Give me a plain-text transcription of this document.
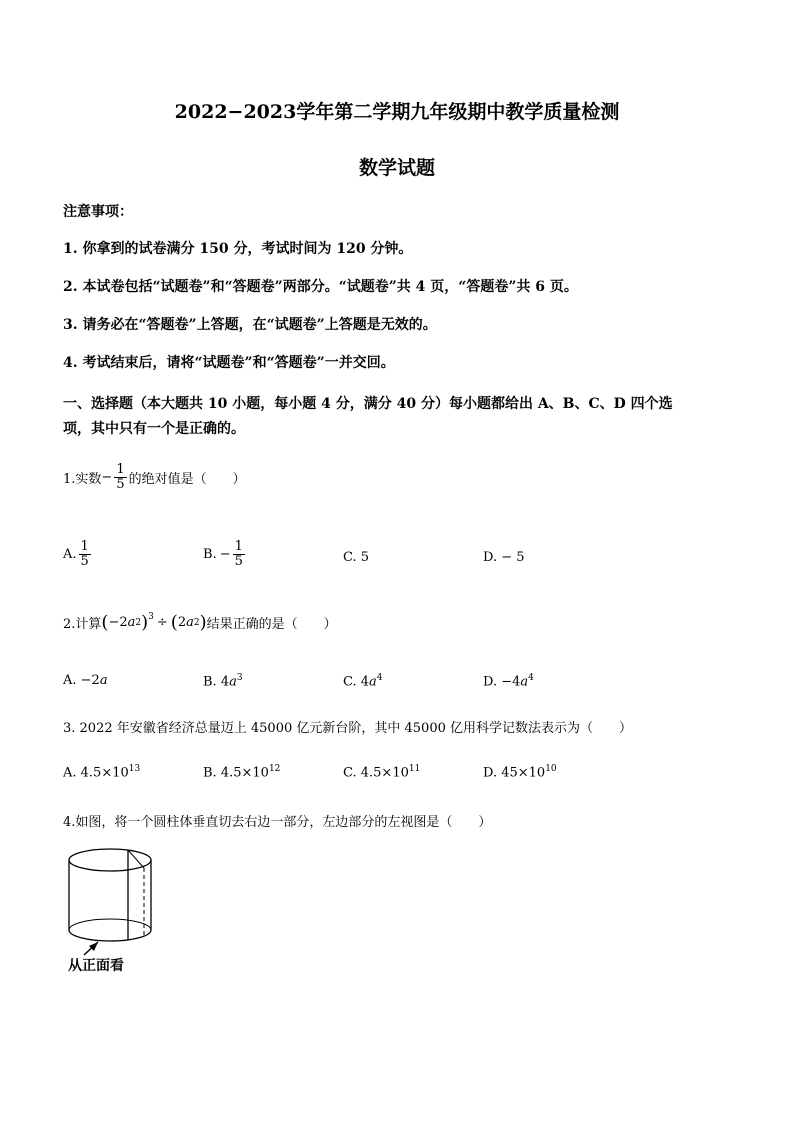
2022−2023学年第二学期九年级期中教学质量检测
数学试题
注意事项：
1. 你拿到的试卷满分 150 分，考试时间为 120 分钟。
2. 本试卷包括“试题卷”和“答题卷”两部分。“试题卷”共 4 页，“答题卷”共 6 页。
3. 请务必在“答题卷”上答题，在“试题卷”上答题是无效的。
4. 考试结束后，请将“试题卷”和“答题卷”一并交回。
一、选择题（本大题共 10 小题，每小题 4 分，满分 40 分）每小题都给出 A、B、C、D 四个选
项，其中只有一个是正确的。
1.实数 − $\frac{1}{5}$ 的绝对值是（　　）
A. $\frac{1}{5}$	B. − $\frac{1}{5}$	C. 5	D. − 5
2.计算 ( −2 a 2 )$^3$ ÷ ( 2 a 2 ) 结果正确的是（　　）
A. −2a	B. $4a^3$	C. $4a^4$	D. $-4a^4$
3. 2022 年安徽省经济总量迈上 45000 亿元新台阶，其中 45000 亿用科学记数法表示为（　　）
A. $4.5\times 10^{13}$	B. $4.5\times 10^{12}$	C. $4.5\times 10^{11}$	D. $45\times 10^{10}$
4.如图，将一个圆柱体垂直切去右边一部分，左边部分的左视图是（　　）
从正面看
